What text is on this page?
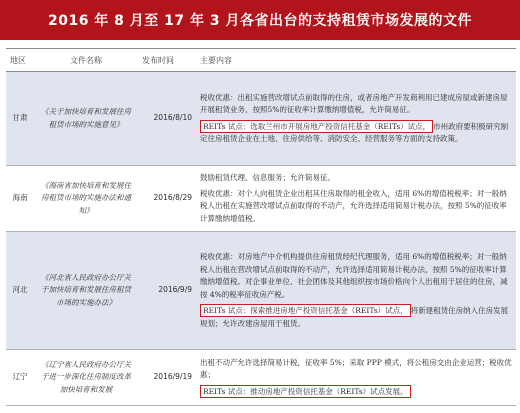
2016 年 8 月至 17 年 3 月各省出台的支持租赁市场发展的文件
地区	文件名称	发布时间	主要内容
甘肃	《关于加快培育和发展住房租赁市场的实施意见》	2016/8/10	税收优惠：出租实施营改增试点前取得的住房，或者房地产开发商利用已建成房屋或新建房屋开展租赁业务，按照5%的征收率计算缴纳增值税，允许简易征。

REITs 试点：选取兰州市开展房地产投资信托基金（REITs）试点， 市州政府要积极研究制定住房租赁企业在土地、住房供给等、消防安全、经营服务等方面的支持政策。

海南	《海南省加快培育和发展住房租赁市场的实施办法和通知》	2016/8/29	鼓励租赁代理、信息服务；允许简易征。

税收优惠：对个人向租赁企业出租其住房取得的租金收入，适用 6%的增值税税率；对一般纳税人出租在实施营改增试点前取得的不动产，允许选择适用简易计税办法，按照 5%的征收率计算缴纳增值税。

河北	《河北省人民政府办公厅关于加快培育和发展住房租赁市场的实施办法》	2016/9/9	税收优惠：对房地产中介机构提供住房租赁经纪代理服务，适用 6%的增值税税率；对一般纳税人出租在营改增试点前取得的不动产，允许选择适用简易计税办法，按照 5%的征收率计算缴纳增值税。对企事业单位、社会团体及其他组织按市场价格向个人出租用于居住的住房，减按 4%的税率征收房产税。

REITs 试点：探索推进房地产投资信托基金（REITs）试点， 将新建租赁住房纳入住房发展规划；允许改建房屋用于租赁。

辽宁	《辽宁省人民政府办公厅关于进一步深化住房制度改革加快培育和发展	2016/9/19	出租不动产允许选择简易计税，征收率 5%；采取 PPP 模式，将公租房交由企业运营；税收优惠；

REITs 试点：推动房地产投资信托基金（REITs）试点发展。
